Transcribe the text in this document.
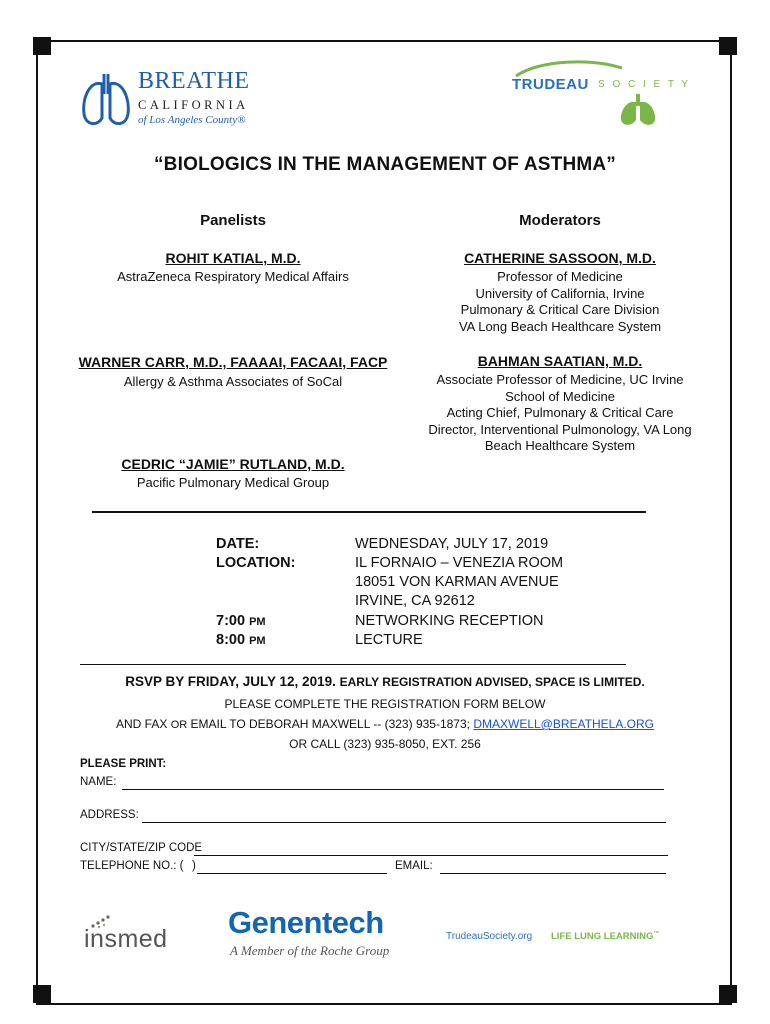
BREATHE
CALIFORNIA
of Los Angeles County®
TRUDEAU S O C I E T Y
“BIOLOGICS IN THE MANAGEMENT OF ASTHMA”
Panelists
ROHIT KATIAL, M.D.
AstraZeneca Respiratory Medical Affairs
WARNER CARR, M.D., FAAAAI, FACAAI, FACP
Allergy & Asthma Associates of SoCal
CEDRIC “JAMIE” RUTLAND, M.D.
Pacific Pulmonary Medical Group
Moderators
CATHERINE SASSOON, M.D.
Professor of Medicine
University of California, Irvine
Pulmonary & Critical Care Division
VA Long Beach Healthcare System
BAHMAN SAATIAN, M.D.
Associate Professor of Medicine, UC Irvine
School of Medicine
Acting Chief, Pulmonary & Critical Care
Director, Interventional Pulmonology, VA Long
Beach Healthcare System
DATE:
LOCATION:
7:00 PM
8:00 PM
WEDNESDAY, JULY 17, 2019
IL FORNAIO – VENEZIA ROOM
18051 VON KARMAN AVENUE
IRVINE, CA 92612
NETWORKING RECEPTION
LECTURE
RSVP BY FRIDAY, JULY 12, 2019. EARLY REGISTRATION ADVISED, SPACE IS LIMITED.
PLEASE COMPLETE THE REGISTRATION FORM BELOW
AND FAX OR EMAIL TO DEBORAH MAXWELL -- (323) 935-1873; DMAXWELL@BREATHELA.ORG
OR CALL (323) 935-8050, EXT. 256
PLEASE PRINT:
NAME:
ADDRESS:
CITY/STATE/ZIP CODE
TELEPHONE NO.: ( )	EMAIL:
insmed Genentech
A Member of the Roche Group
TrudeauSociety.org LIFE LUNG LEARNING™
